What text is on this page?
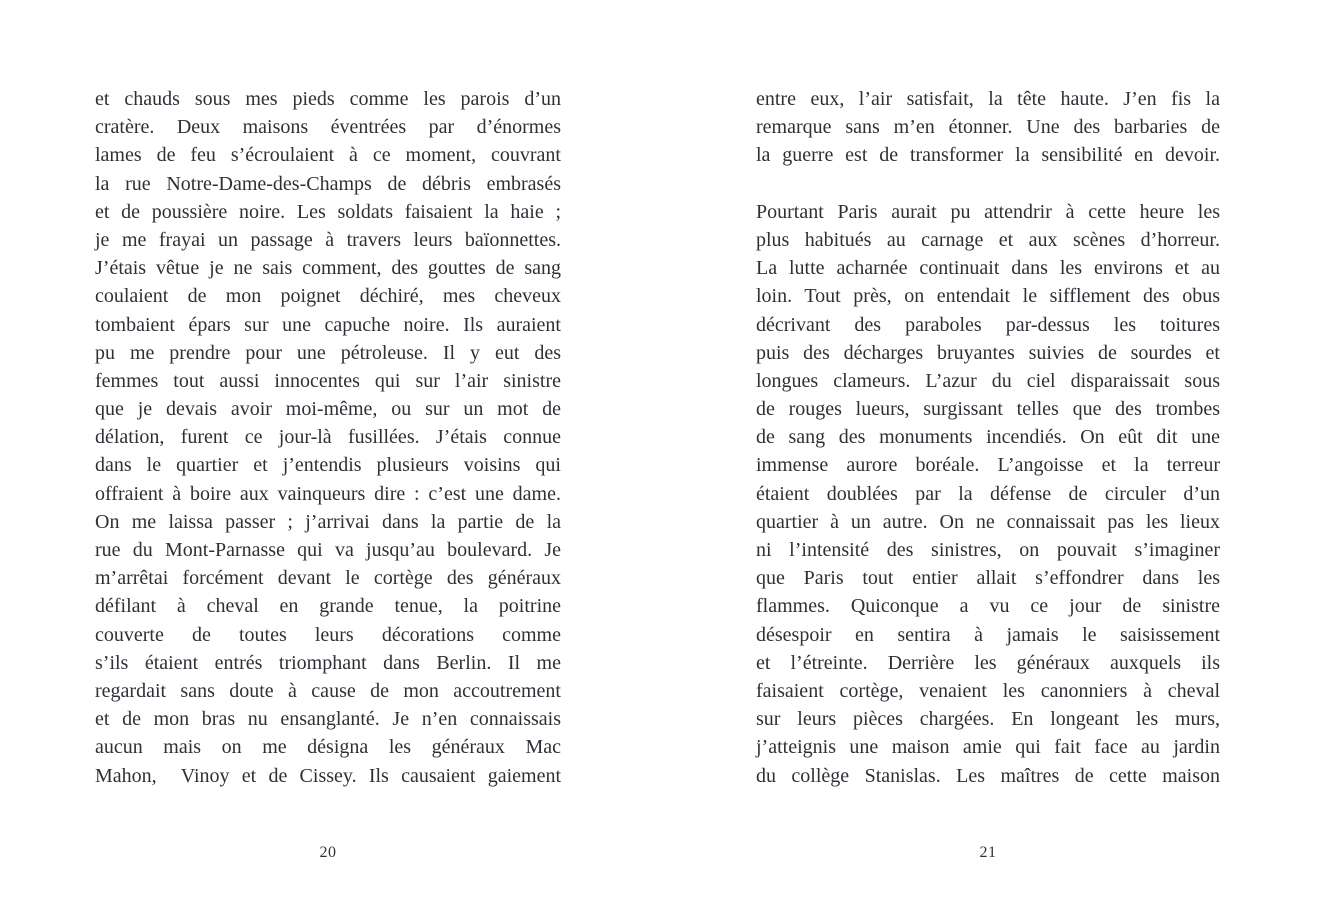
et chauds sous mes pieds comme les parois d’un
cratère. Deux maisons éventrées par d’énormes
lames de feu s’écroulaient à ce moment, couvrant
la rue Notre-Dame-des-Champs de débris embrasés
et de poussière noire. Les soldats faisaient la haie ;
je me frayai un passage à travers leurs baïonnettes.
J’étais vêtue je ne sais comment, des gouttes de sang
coulaient de mon poignet déchiré, mes cheveux
tombaient épars sur une capuche noire. Ils auraient
pu me prendre pour une pétroleuse. Il y eut des
femmes tout aussi innocentes qui sur l’air sinistre
que je devais avoir moi-même, ou sur un mot de
délation, furent ce jour-là fusillées. J’étais connue
dans le quartier et j’entendis plusieurs voisins qui
offraient à boire aux vainqueurs dire : c’est une dame.
On me laissa passer ; j’arrivai dans la partie de la
rue du Mont-Parnasse qui va jusqu’au boulevard. Je
m’arrêtai forcément devant le cortège des généraux
défilant à cheval en grande tenue, la poitrine
couverte de toutes leurs décorations comme
s’ils étaient entrés triomphant dans Berlin. Il me
regardait sans doute à cause de mon accoutrement
et de mon bras nu ensanglanté. Je n’en connaissais
aucun mais on me désigna les généraux Mac
Mahon,  Vinoy et de Cissey. Ils causaient gaiement
20
entre eux, l’air satisfait, la tête haute. J’en fis la
remarque sans m’en étonner. Une des barbaries de
la guerre est de transformer la sensibilité en devoir.
Pourtant Paris aurait pu attendrir à cette heure les
plus habitués au carnage et aux scènes d’horreur.
La lutte acharnée continuait dans les environs et au
loin. Tout près, on entendait le sifflement des obus
décrivant des paraboles par-dessus les toitures
puis des décharges bruyantes suivies de sourdes et
longues clameurs. L’azur du ciel disparaissait sous
de rouges lueurs, surgissant telles que des trombes
de sang des monuments incendiés. On eût dit une
immense aurore boréale. L’angoisse et la terreur
étaient doublées par la défense de circuler d’un
quartier à un autre. On ne connaissait pas les lieux
ni l’intensité des sinistres, on pouvait s’imaginer
que Paris tout entier allait s’effondrer dans les
flammes. Quiconque a vu ce jour de sinistre
désespoir en sentira à jamais le saisissement
et l’étreinte. Derrière les généraux auxquels ils
faisaient cortège, venaient les canonniers à cheval
sur leurs pièces chargées. En longeant les murs,
j’atteignis une maison amie qui fait face au jardin
du collège Stanislas. Les maîtres de cette maison
21
